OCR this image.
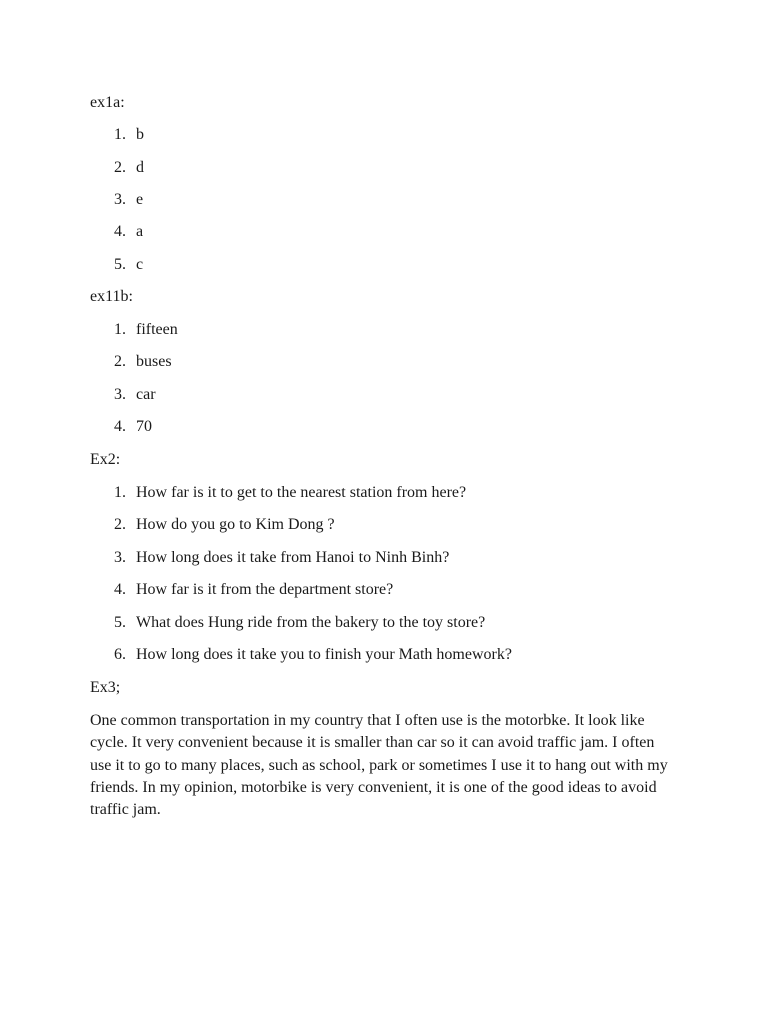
ex1a:
1. b
2. d
3. e
4. a
5. c
ex11b:
1. fifteen
2. buses
3. car
4. 70
Ex2:
1. How far is it to get to the nearest station from here?
2. How do you go to Kim Dong ?
3. How long does it take from Hanoi to Ninh Binh?
4. How far is it from the department store?
5. What does Hung ride from the bakery to the toy store?
6. How long does it take you to finish your Math homework?
Ex3;
One common transportation in my country that I often use is the motorbke. It look like cycle. It very convenient because it is smaller than car so it can avoid traffic jam. I often use it to go to many places, such as school, park or sometimes I use it to hang out with my friends. In my opinion, motorbike is very convenient, it is one of the good ideas to avoid traffic jam.
